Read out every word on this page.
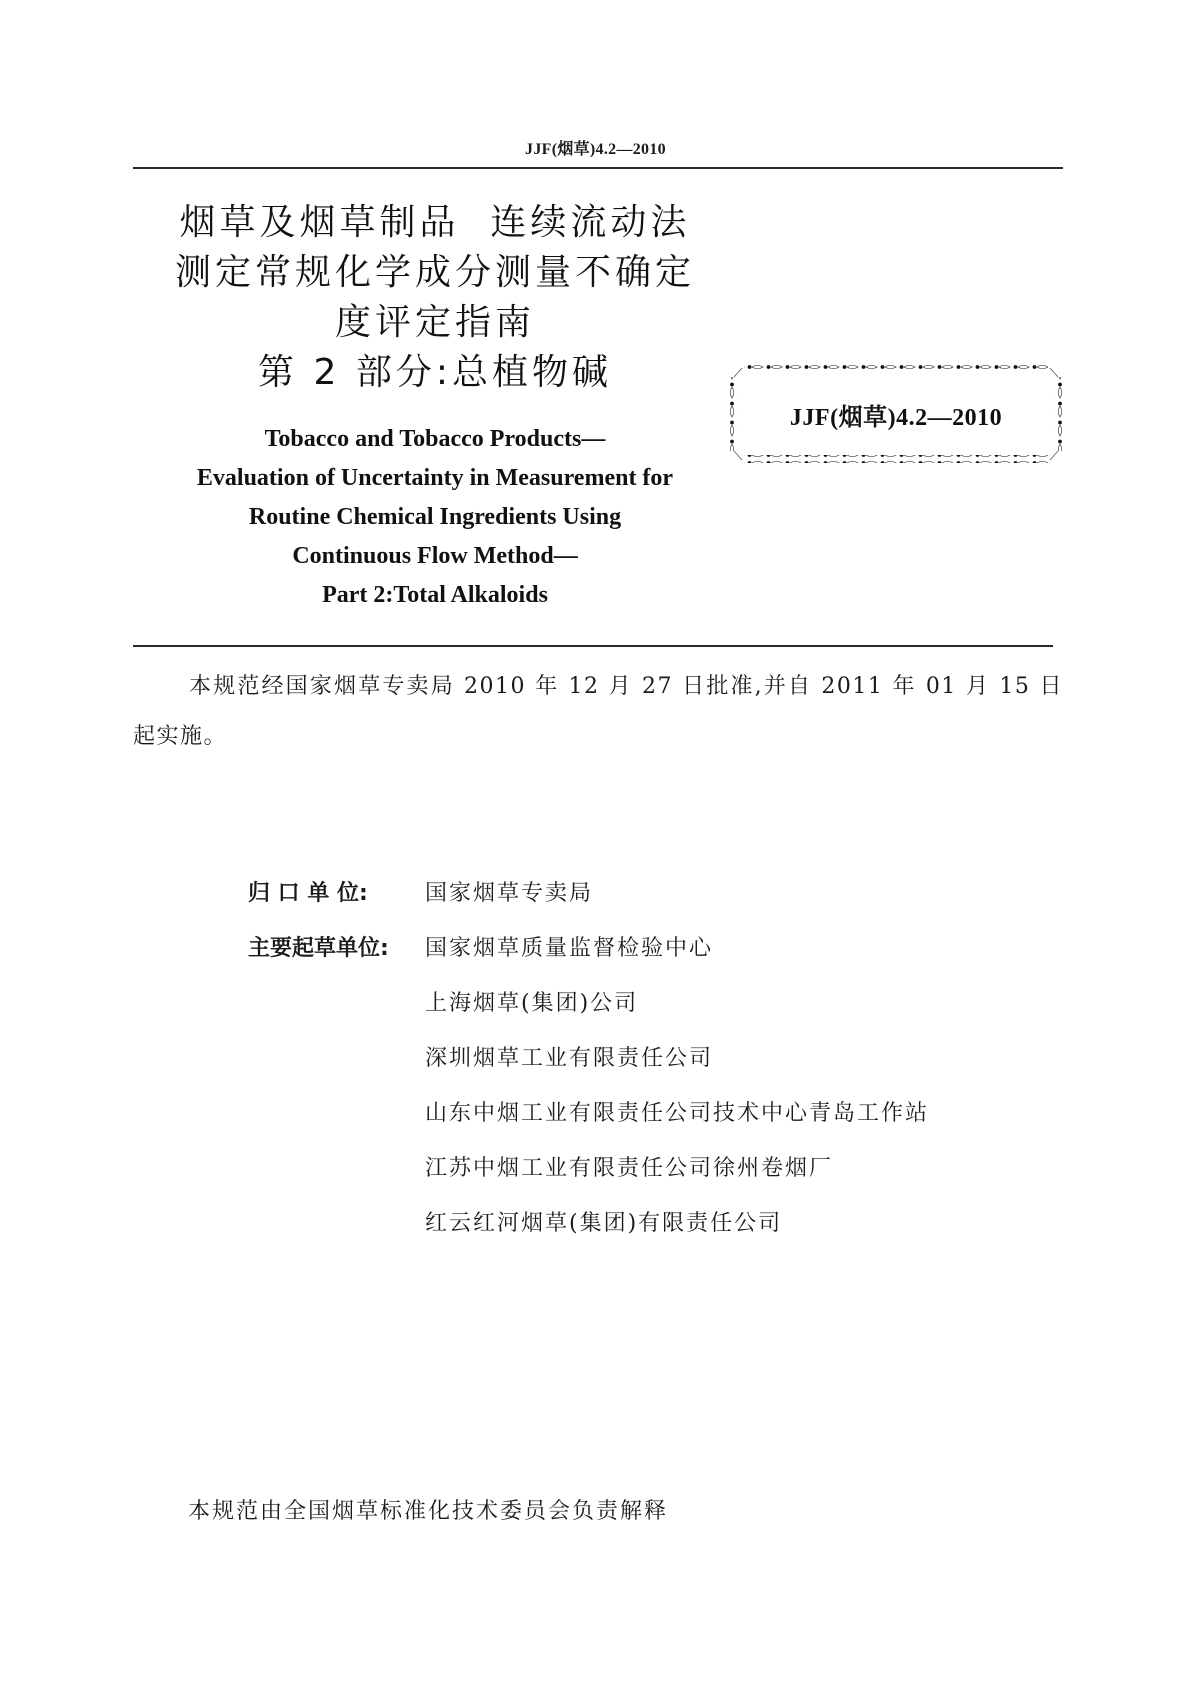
JJF(烟草)4.2—2010
烟草及烟草制品  连续流动法
测定常规化学成分测量不确定
度评定指南
第 2 部分:总植物碱
JJF(烟草)4.2—2010
Tobacco and Tobacco Products—
Evaluation of Uncertainty in Measurement for
Routine Chemical Ingredients Using
Continuous Flow Method—
Part 2:Total Alkaloids
本规范经国家烟草专卖局 2010 年 12 月 27 日批准,并自 2011 年 01 月 15 日起实施。
归 口 单 位:	国家烟草专卖局
主要起草单位:	国家烟草质量监督检验中心
上海烟草(集团)公司
深圳烟草工业有限责任公司
山东中烟工业有限责任公司技术中心青岛工作站
江苏中烟工业有限责任公司徐州卷烟厂
红云红河烟草(集团)有限责任公司
本规范由全国烟草标准化技术委员会负责解释
